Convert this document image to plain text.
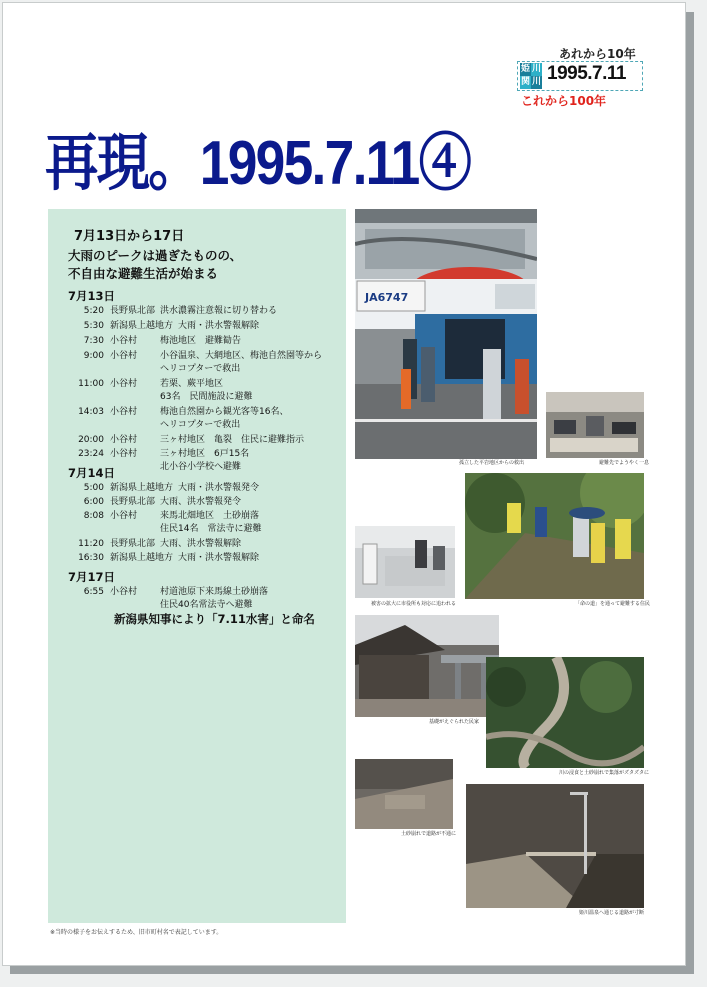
あれから10年
姫 川
関 川 1995.7.11
これから100年
再現。1995.7.11④
7月13日から17日
大雨のピークは過ぎたものの、
不自由な避難生活が始まる
7月13日
5:20 長野県北部 洪水濃霧注意報に切り替わる
5:30 新潟県上越地方 大雨・洪水警報解除
7:30 小谷村	梅池地区　避難勧告
9:00 小谷村	小谷温泉、大網地区、梅池自然園等から
ヘリコプターで救出
11:00 小谷村	若栗、蕨平地区
63名　民間施設に避難
14:03 小谷村	梅池自然園から観光客等16名、
ヘリコプターで救出
20:00 小谷村	三ヶ村地区　亀裂　住民に避難指示
23:24 小谷村	三ヶ村地区　6戸15名
北小谷小学校へ避難
7月14日
5:00 新潟県上越地方 大雨・洪水警報発令
6:00 長野県北部 大雨、洪水警報発令
8:08 小谷村	来馬北畑地区　土砂崩落
住民14名　常法寺に避難
11:20 長野県北部 大雨、洪水警報解除
16:30 新潟県上越地方 大雨・洪水警報解除
7月17日
6:55 小谷村	村道池原下来馬線土砂崩落
住民40名常法寺へ避難
新潟県知事により「7.11水害」と命名
JA6747
孤立した平岩地区からの救出	避難先でようやく一息
「命の道」を通って避難する住民
被害の拡大に市役所も対応に追われる
基礎がえぐられた民家
川の浸食と土砂崩れで集落がズタズタに
土砂崩れで道路が不通に
姫川温泉へ通じる道路が寸断
※当時の様子をお伝えするため、旧市町村名で表記しています。
